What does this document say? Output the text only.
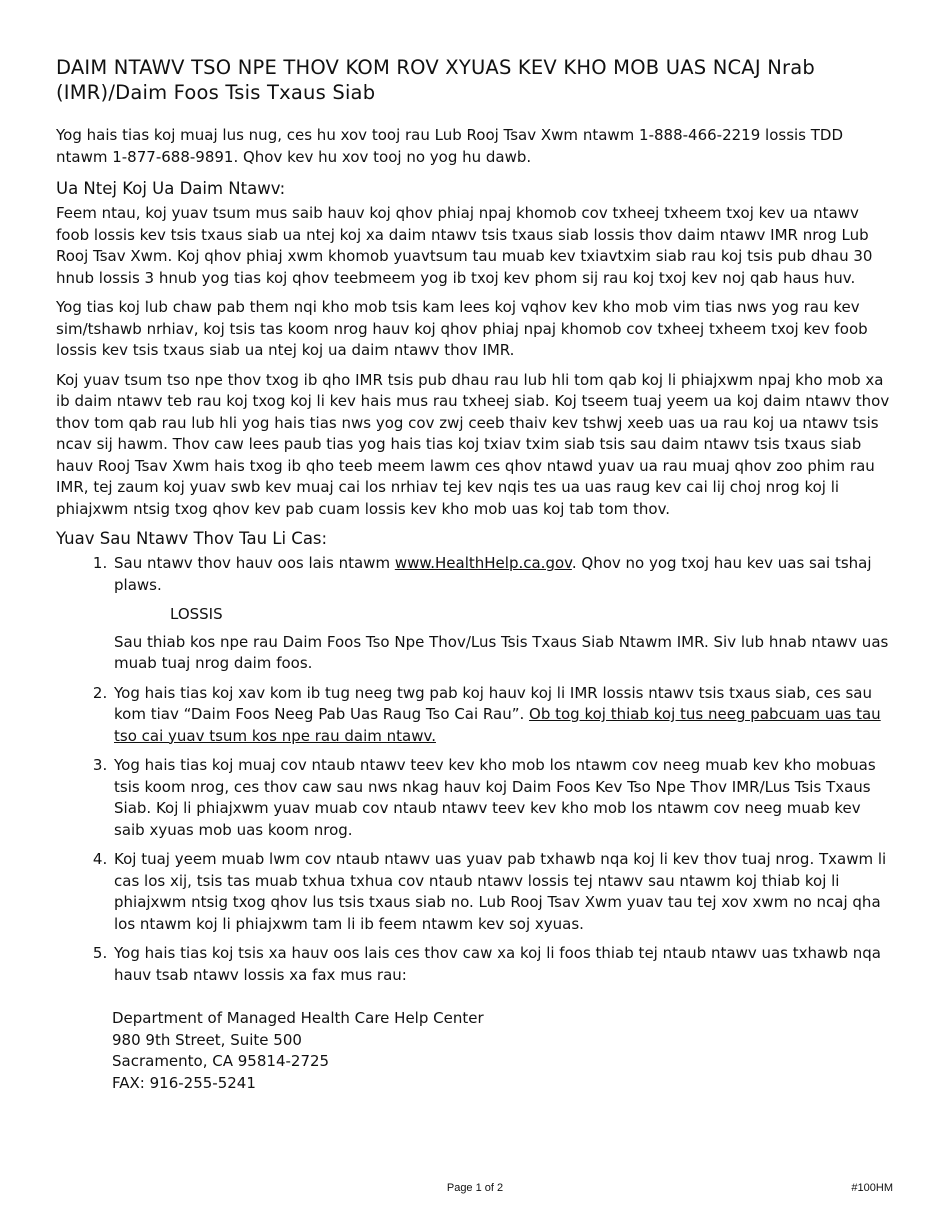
DAIM NTAWV TSO NPE THOV KOM ROV XYUAS KEV KHO MOB UAS NCAJ Nrab (IMR)/Daim Foos Tsis Txaus Siab

Yog hais tias koj muaj lus nug, ces hu xov tooj rau Lub Rooj Tsav Xwm ntawm 1-888-466-2219 lossis TDD ntawm 1-877-688-9891. Qhov kev hu xov tooj no yog hu dawb.

Ua Ntej Koj Ua Daim Ntawv:

Feem ntau, koj yuav tsum mus saib hauv koj qhov phiaj npaj khomob cov txheej txheem txoj kev ua ntawv foob lossis kev tsis txaus siab ua ntej koj xa daim ntawv tsis txaus siab lossis thov daim ntawv IMR nrog Lub Rooj Tsav Xwm. Koj qhov phiaj xwm khomob yuavtsum tau muab kev txiavtxim siab rau koj tsis pub dhau 30 hnub lossis 3 hnub yog tias koj qhov teebmeem yog ib txoj kev phom sij rau koj txoj kev noj qab haus huv.

Yog tias koj lub chaw pab them nqi kho mob tsis kam lees koj vqhov kev kho mob vim tias nws yog rau kev sim/tshawb nrhiav, koj tsis tas koom nrog hauv koj qhov phiaj npaj khomob cov txheej txheem txoj kev foob lossis kev tsis txaus siab ua ntej koj ua daim ntawv thov IMR.

Koj yuav tsum tso npe thov txog ib qho IMR tsis pub dhau rau lub hli tom qab koj li phiajxwm npaj kho mob xa ib daim ntawv teb rau koj txog koj li kev hais mus rau txheej siab. Koj tseem tuaj yeem ua koj daim ntawv thov thov tom qab rau lub hli yog hais tias nws yog cov zwj ceeb thaiv kev tshwj xeeb uas ua rau koj ua ntawv tsis ncav sij hawm. Thov caw lees paub tias yog hais tias koj txiav txim siab tsis sau daim ntawv tsis txaus siab hauv Rooj Tsav Xwm hais txog ib qho teeb meem lawm ces qhov ntawd yuav ua rau muaj qhov zoo phim rau IMR, tej zaum koj yuav swb kev muaj cai los nrhiav tej kev nqis tes ua uas raug kev cai lij choj nrog koj li phiajxwm ntsig txog qhov kev pab cuam lossis kev kho mob uas koj tab tom thov.

Yuav Sau Ntawv Thov Tau Li Cas:
1. Sau ntawv thov hauv oos lais ntawm www.HealthHelp.ca.gov. Qhov no yog txoj hau kev uas sai tshaj plaws.
LOSSIS
Sau thiab kos npe rau Daim Foos Tso Npe Thov/Lus Tsis Txaus Siab Ntawm IMR. Siv lub hnab ntawv uas muab tuaj nrog daim foos.
2. Yog hais tias koj xav kom ib tug neeg twg pab koj hauv koj li IMR lossis ntawv tsis txaus siab, ces sau kom tiav “Daim Foos Neeg Pab Uas Raug Tso Cai Rau”. Ob tog koj thiab koj tus neeg pabcuam uas tau tso cai yuav tsum kos npe rau daim ntawv.
3. Yog hais tias koj muaj cov ntaub ntawv teev kev kho mob los ntawm cov neeg muab kev kho mobuas tsis koom nrog, ces thov caw sau nws nkag hauv koj Daim Foos Kev Tso Npe Thov IMR/Lus Tsis Txaus Siab. Koj li phiajxwm yuav muab cov ntaub ntawv teev kev kho mob los ntawm cov neeg muab kev saib xyuas mob uas koom nrog.
4. Koj tuaj yeem muab lwm cov ntaub ntawv uas yuav pab txhawb nqa koj li kev thov tuaj nrog. Txawm li cas los xij, tsis tas muab txhua txhua cov ntaub ntawv lossis tej ntawv sau ntawm koj thiab koj li phiajxwm ntsig txog qhov lus tsis txaus siab no. Lub Rooj Tsav Xwm yuav tau tej xov xwm no ncaj qha los ntawm koj li phiajxwm tam li ib feem ntawm kev soj xyuas.
5. Yog hais tias koj tsis xa hauv oos lais ces thov caw xa koj li foos thiab tej ntaub ntawv uas txhawb nqa hauv tsab ntawv lossis xa fax mus rau:

Department of Managed Health Care Help Center

980 9th Street, Suite 500

Sacramento, CA 95814-2725

FAX: 916-255-5241

Page 1 of 2	#100HM
